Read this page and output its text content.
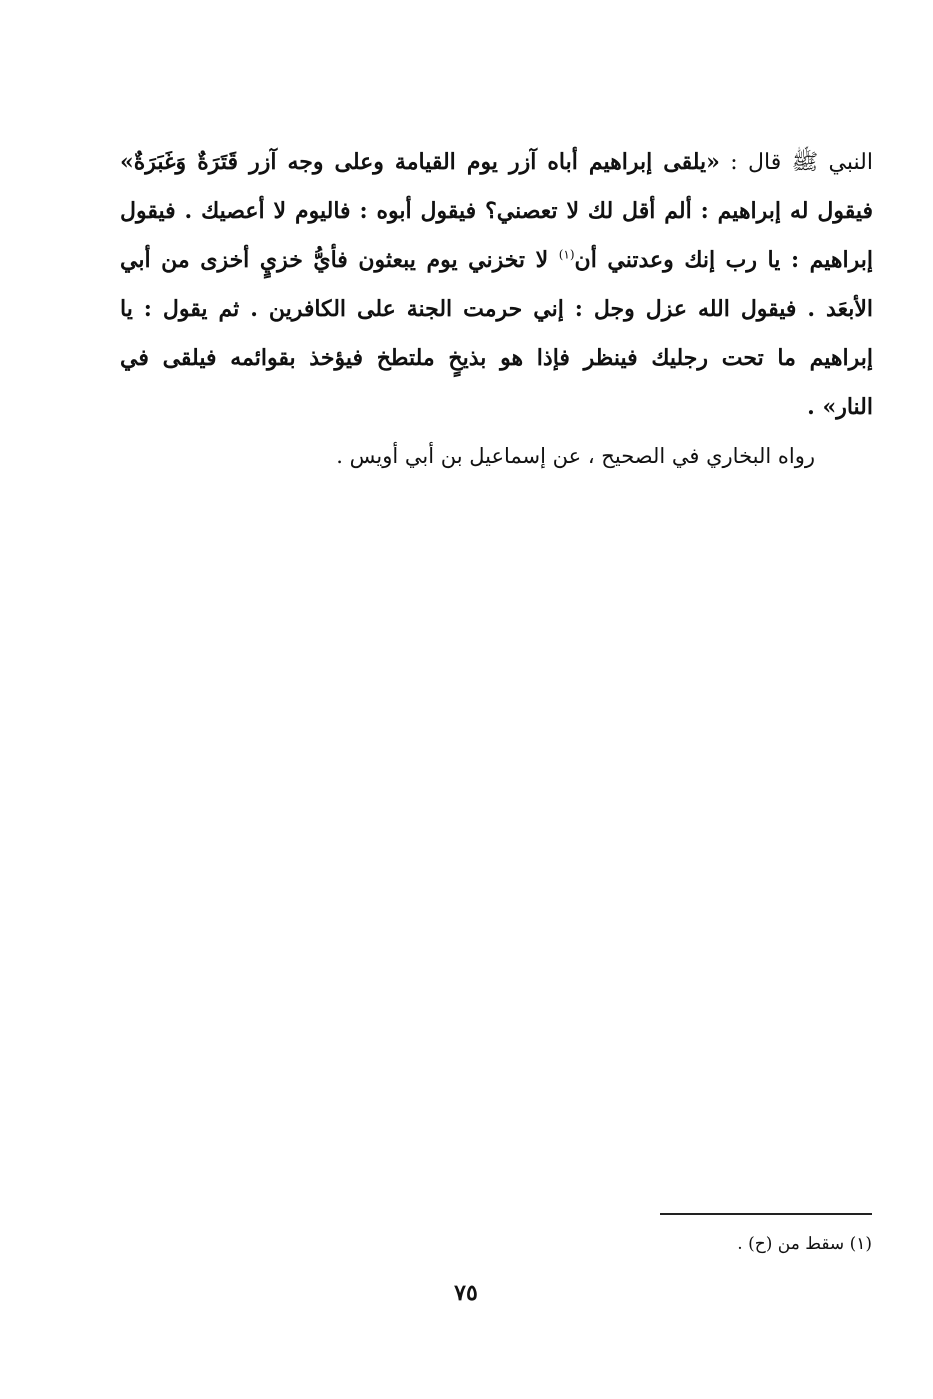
النبي ﷺ قال : «يلقى إبراهيم أباه آزر يوم القيامة وعلى وجه آزر قَتَرَةٌ وَغَبَرَةٌ»
فيقول له إبراهيم : ألم أقل لك لا تعصني؟ فيقول أبوه : فاليوم لا أعصيك . فيقول
إبراهيم : يا رب إنك وعدتني أن$^{(١)}$ لا تخزني يوم يبعثون فأيُّ خزيٍ أخزى من أبي
الأبعَد . فيقول الله عزل وجل : إني حرمت الجنة على الكافرين . ثم يقول : يا
إبراهيم ما تحت رجليك فينظر فإذا هو بذيخٍ ملتطخ فيؤخذ بقوائمه فيلقى في
النار» .
رواه البخاري في الصحيح ، عن إسماعيل بن أبي أويس .
(١) سقط من (ح) .
٧٥
